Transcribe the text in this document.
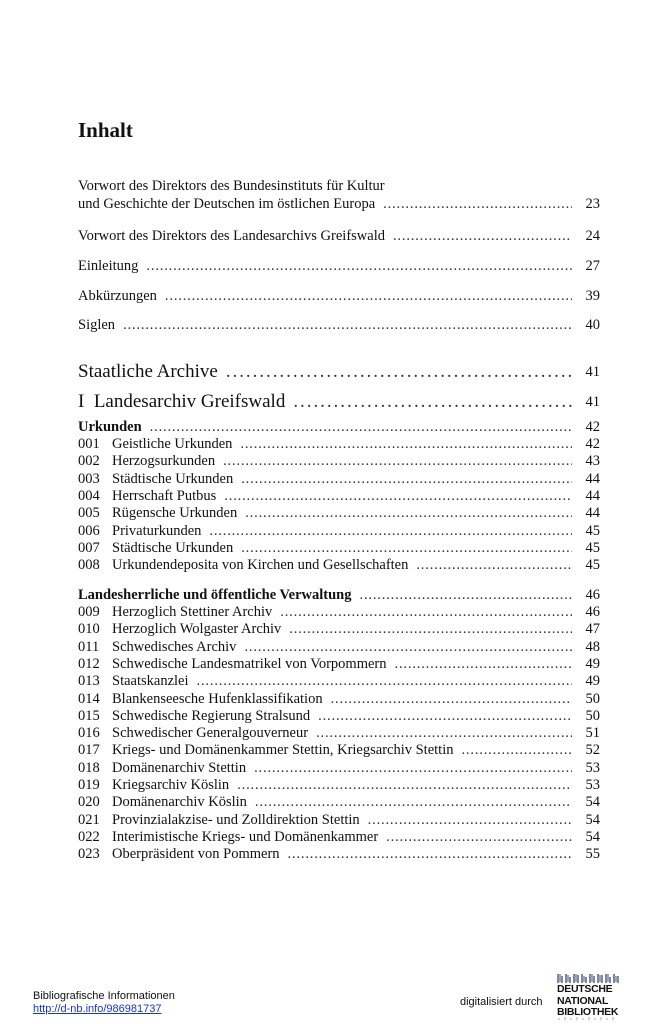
Inhalt
Vorwort des Direktors des Bundesinstituts für Kultur
und Geschichte der Deutschen im östlichen Europa . . .	23
Vorwort des Direktors des Landesarchivs Greifswald . . .	24
Einleitung . . .	27
Abkürzungen . . .	39
Siglen . . .	40
Staatliche Archive . . .	41
I  Landesarchiv Greifswald . . .	41
Urkunden . . .	42
001 Geistliche Urkunden . . .	42
002 Herzogsurkunden . . .	43
003 Städtische Urkunden . . .	44
004 Herrschaft Putbus . . .	44
005 Rügensche Urkunden . . .	44
006 Privaturkunden . . .	45
007 Städtische Urkunden . . .	45
008 Urkundendeposita von Kirchen und Gesellschaften . . .	45
Landesherrliche und öffentliche Verwaltung . . .	46
009 Herzoglich Stettiner Archiv . . .	46
010 Herzoglich Wolgaster Archiv . . .	47
011 Schwedisches Archiv . . .	48
012 Schwedische Landesmatrikel von Vorpommern . . .	49
013 Staatskanzlei . . .	49
014 Blankenseesche Hufenklassifikation . . .	50
015 Schwedische Regierung Stralsund . . .	50
016 Schwedischer Generalgouverneur . . .	51
017 Kriegs- und Domänenkammer Stettin, Kriegsarchiv Stettin . . .	52
018 Domänenarchiv Stettin . . .	53
019 Kriegsarchiv Köslin . . .	53
020 Domänenarchiv Köslin . . .	54
021 Provinzialakzise- und Zolldirektion Stettin . . .	54
022 Interimistische Kriegs- und Domänenkammer . . .	54
023 Oberpräsident von Pommern . . .	55
Bibliografische Informationen
http://d-nb.info/986981737
digitalisiert durch
DEUTSCHE
NATIONAL
BIBLIOTHEK
